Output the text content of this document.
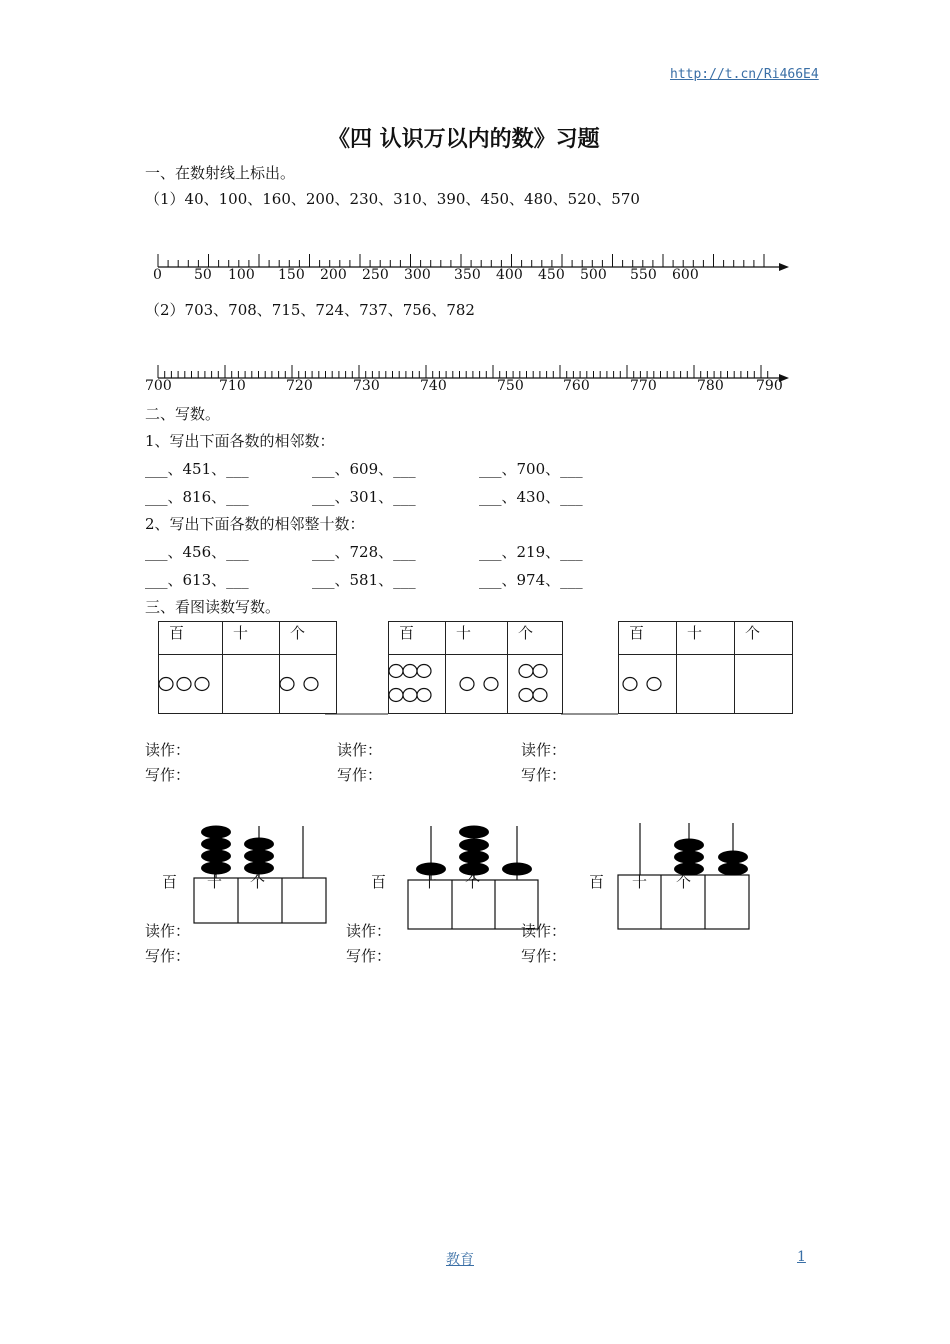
http://t.cn/Ri466E4
《四 认识万以内的数》习题
一、在数射线上标出。
（1）40、100、160、200、230、310、390、450、480、520、570
（2）703、708、715、724、737、756、782
0 50 100 150 200 250 300 350 400 450 500 550 600
700	710	720	730	740	750	760	770	780 790
二、写数。
1、写出下面各数的相邻数：
___、451、___	___、609、___	___、700、___
___、816、___	___、301、___	___、430、___
2、写出下面各数的相邻整十数：
___、456、___	___、728、___	___、219、___
___、613、___	___、581、___	___、974、___
三、看图读数写数。
百	十	个
			百	十	个
			百	十	个

读作：	读作：	读作：
写作：	写作：	写作：
百 十 个	百 十 个	百 十 个
读作：	读作：	读作：
写作：	写作：	写作：
教育	1
